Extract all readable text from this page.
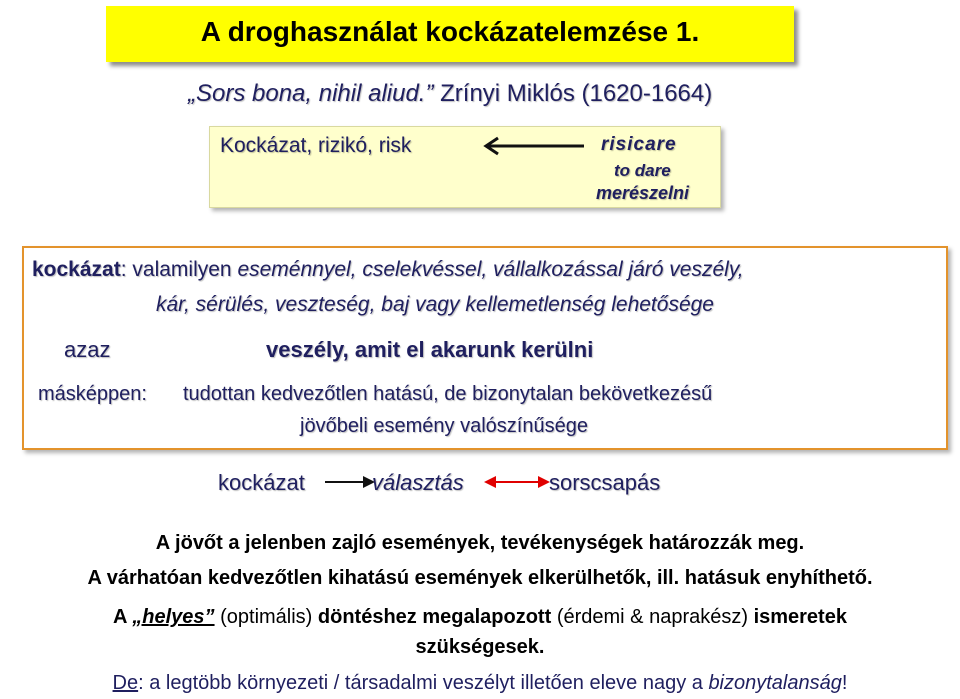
A droghasználat kockázatelemzése 1.
„Sors bona, nihil aliud.” Zrínyi Miklós (1620-1664)
Kockázat, rizikó, risk	risicare
to dare
merészelni
kockázat: valamilyen eseménnyel, cselekvéssel, vállalkozással járó veszély,
kár, sérülés, veszteség, baj vagy kellemetlenség lehetősége
azaz	veszély, amit el akarunk kerülni
másképpen: tudottan kedvezőtlen hatású, de bizonytalan bekövetkezésű
jövőbeli esemény valószínűsége
kockázat	választás	sorscsapás
A jövőt a jelenben zajló események, tevékenységek határozzák meg.
A várhatóan kedvezőtlen kihatású események elkerülhetők, ill. hatásuk enyhíthető.
A „helyes” (optimális) döntéshez megalapozott (érdemi & naprakész) ismeretek
szükségesek.
De: a legtöbb környezeti / társadalmi veszélyt illetően eleve nagy a bizonytalanság!
